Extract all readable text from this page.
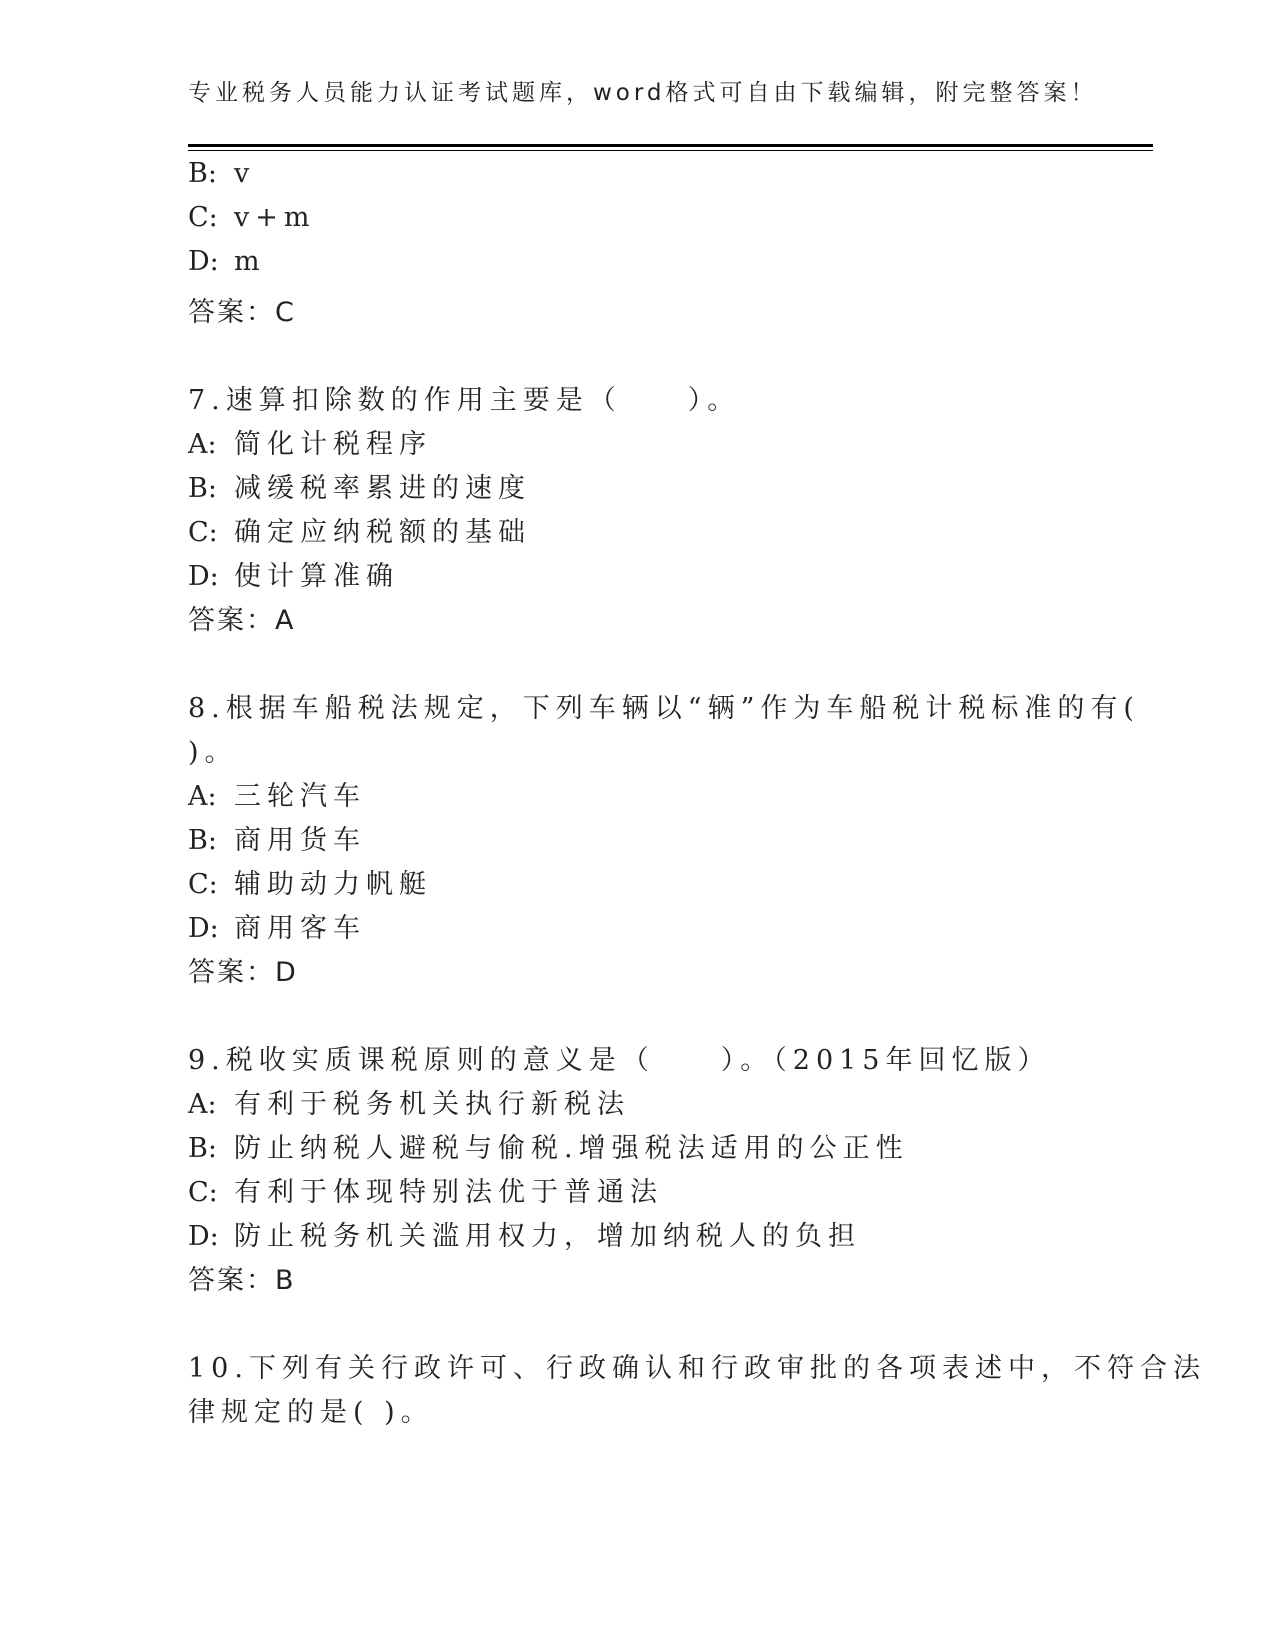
专业税务人员能力认证考试题库，word格式可自由下载编辑，附完整答案！
B: v
C: v+m
D: m
答案：C
7.速算扣除数的作用主要是（　　）。
A: 简化计税程序
B: 减缓税率累进的速度
C: 确定应纳税额的基础
D: 使计算准确
答案：A
8.根据车船税法规定，下列车辆以“辆”作为车船税计税标准的有(
)。
A: 三轮汽车
B: 商用货车
C: 辅助动力帆艇
D: 商用客车
答案：D
9.税收实质课税原则的意义是（　　）。（2015年回忆版）
A: 有利于税务机关执行新税法
B: 防止纳税人避税与偷税.增强税法适用的公正性
C: 有利于体现特别法优于普通法
D: 防止税务机关滥用权力，增加纳税人的负担
答案：B
10.下列有关行政许可、行政确认和行政审批的各项表述中，不符合法
律规定的是( )。
